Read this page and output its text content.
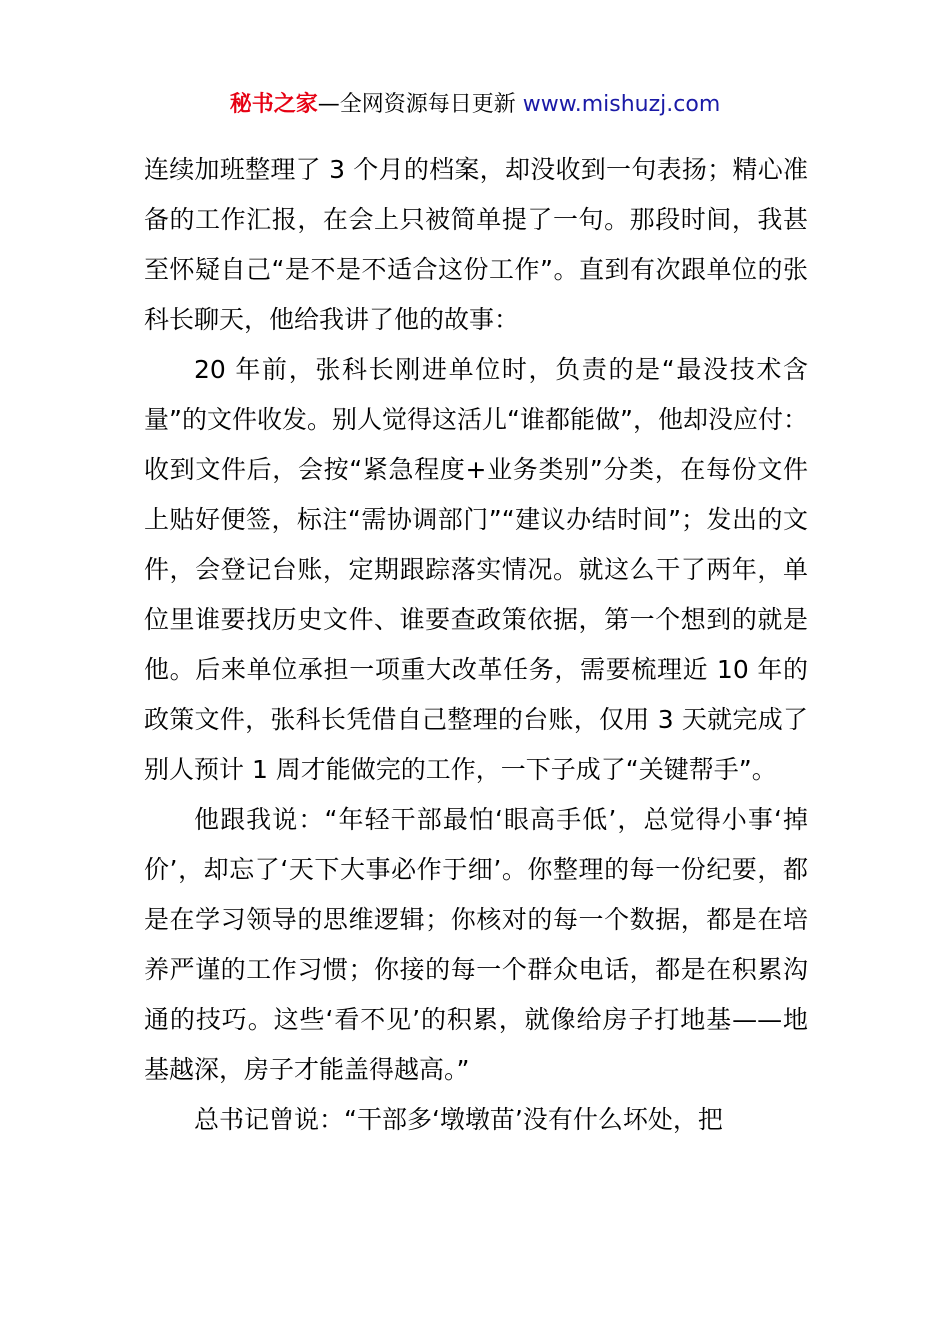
秘书之家—全网资源每日更新 www.mishuzj.com

连续加班整理了 3 个月的档案，却没收到一句表扬；精心准备的工作汇报，在会上只被简单提了一句。那段时间，我甚至怀疑自己“是不是不适合这份工作”。直到有次跟单位的张科长聊天，他给我讲了他的故事：

20 年前，张科长刚进单位时，负责的是“最没技术含量”的文件收发。别人觉得这活儿“谁都能做”，他却没应付：收到文件后，会按“紧急程度+业务类别”分类，在每份文件上贴好便签，标注“需协调部门”“建议办结时间”；发出的文件，会登记台账，定期跟踪落实情况。就这么干了两年，单位里谁要找历史文件、谁要查政策依据，第一个想到的就是他。后来单位承担一项重大改革任务，需要梳理近 10 年的政策文件，张科长凭借自己整理的台账，仅用 3 天就完成了别人预计 1 周才能做完的工作，一下子成了“关键帮手”。

他跟我说：“年轻干部最怕‘眼高手低’，总觉得小事‘掉价’，却忘了‘天下大事必作于细’。你整理的每一份纪要，都是在学习领导的思维逻辑；你核对的每一个数据，都是在培养严谨的工作习惯；你接的每一个群众电话，都是在积累沟通的技巧。这些‘看不见’的积累，就像给房子打地基——地基越深，房子才能盖得越高。”

总书记曾说：“干部多‘墩墩苗’没有什么坏处，把
